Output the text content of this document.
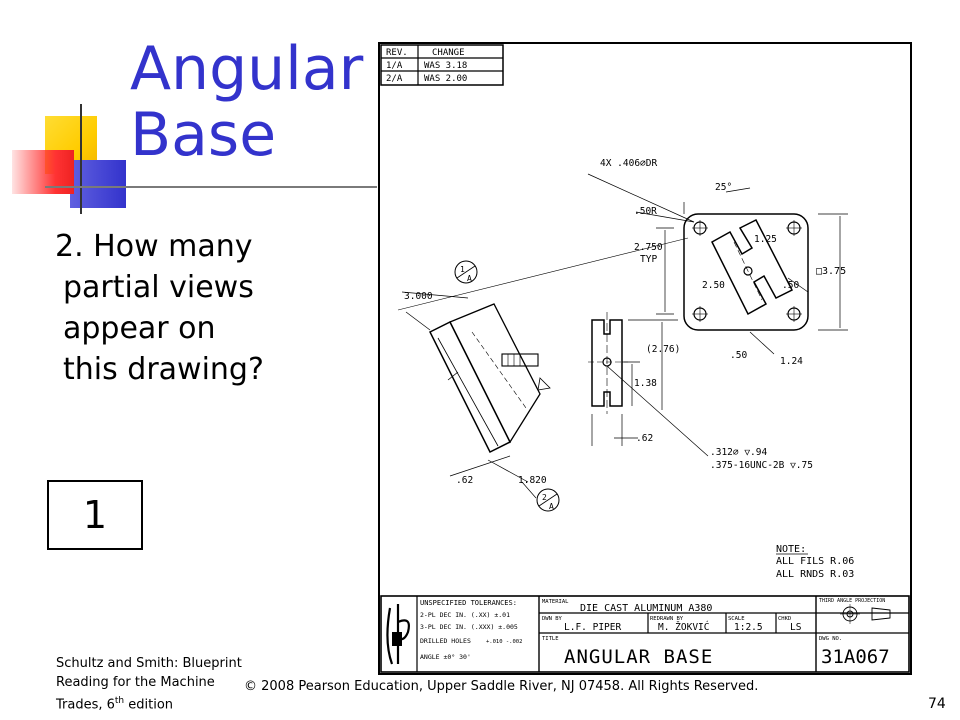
Angular
Base
2. How many
partial views
appear on
this drawing?
1
Schultz and Smith: Blueprint
Reading for the Machine
Trades, 6th edition
© 2008 Pearson Education, Upper Saddle River, NJ 07458. All Rights Reserved.
74
REV.	CHANGE
1/A WAS 3.18
2/A WAS 2.00
4X .406⌀DR
25°
.50R
2.750
TYP
1.25
2.50	.50
□3.75
.50
1.24
(2.76)
1.38
.62
.312⌀ ▽.94
.375-16UNC-2B ▽.75
3.000
.62	1.820
1
A
2
A
NOTE:
ALL FILS R.06
ALL RNDS R.03
UNSPECIFIED TOLERANCES:
2-PL DEC IN. (.XX) ±.01
3-PL DEC IN. (.XXX) ±.005
DRILLED HOLES	+.010 -.002
ANGLE ±0° 30'
MATERIAL
DIE CAST ALUMINUM A380
DWN BY
L.F. PIPER
REDRAWN BY
M. ŽOKVIĆ
SCALE
1:2.5
CHKD
LS
TITLE
ANGULAR BASE
THIRD ANGLE PROJECTION
DWG NO.
31A067
